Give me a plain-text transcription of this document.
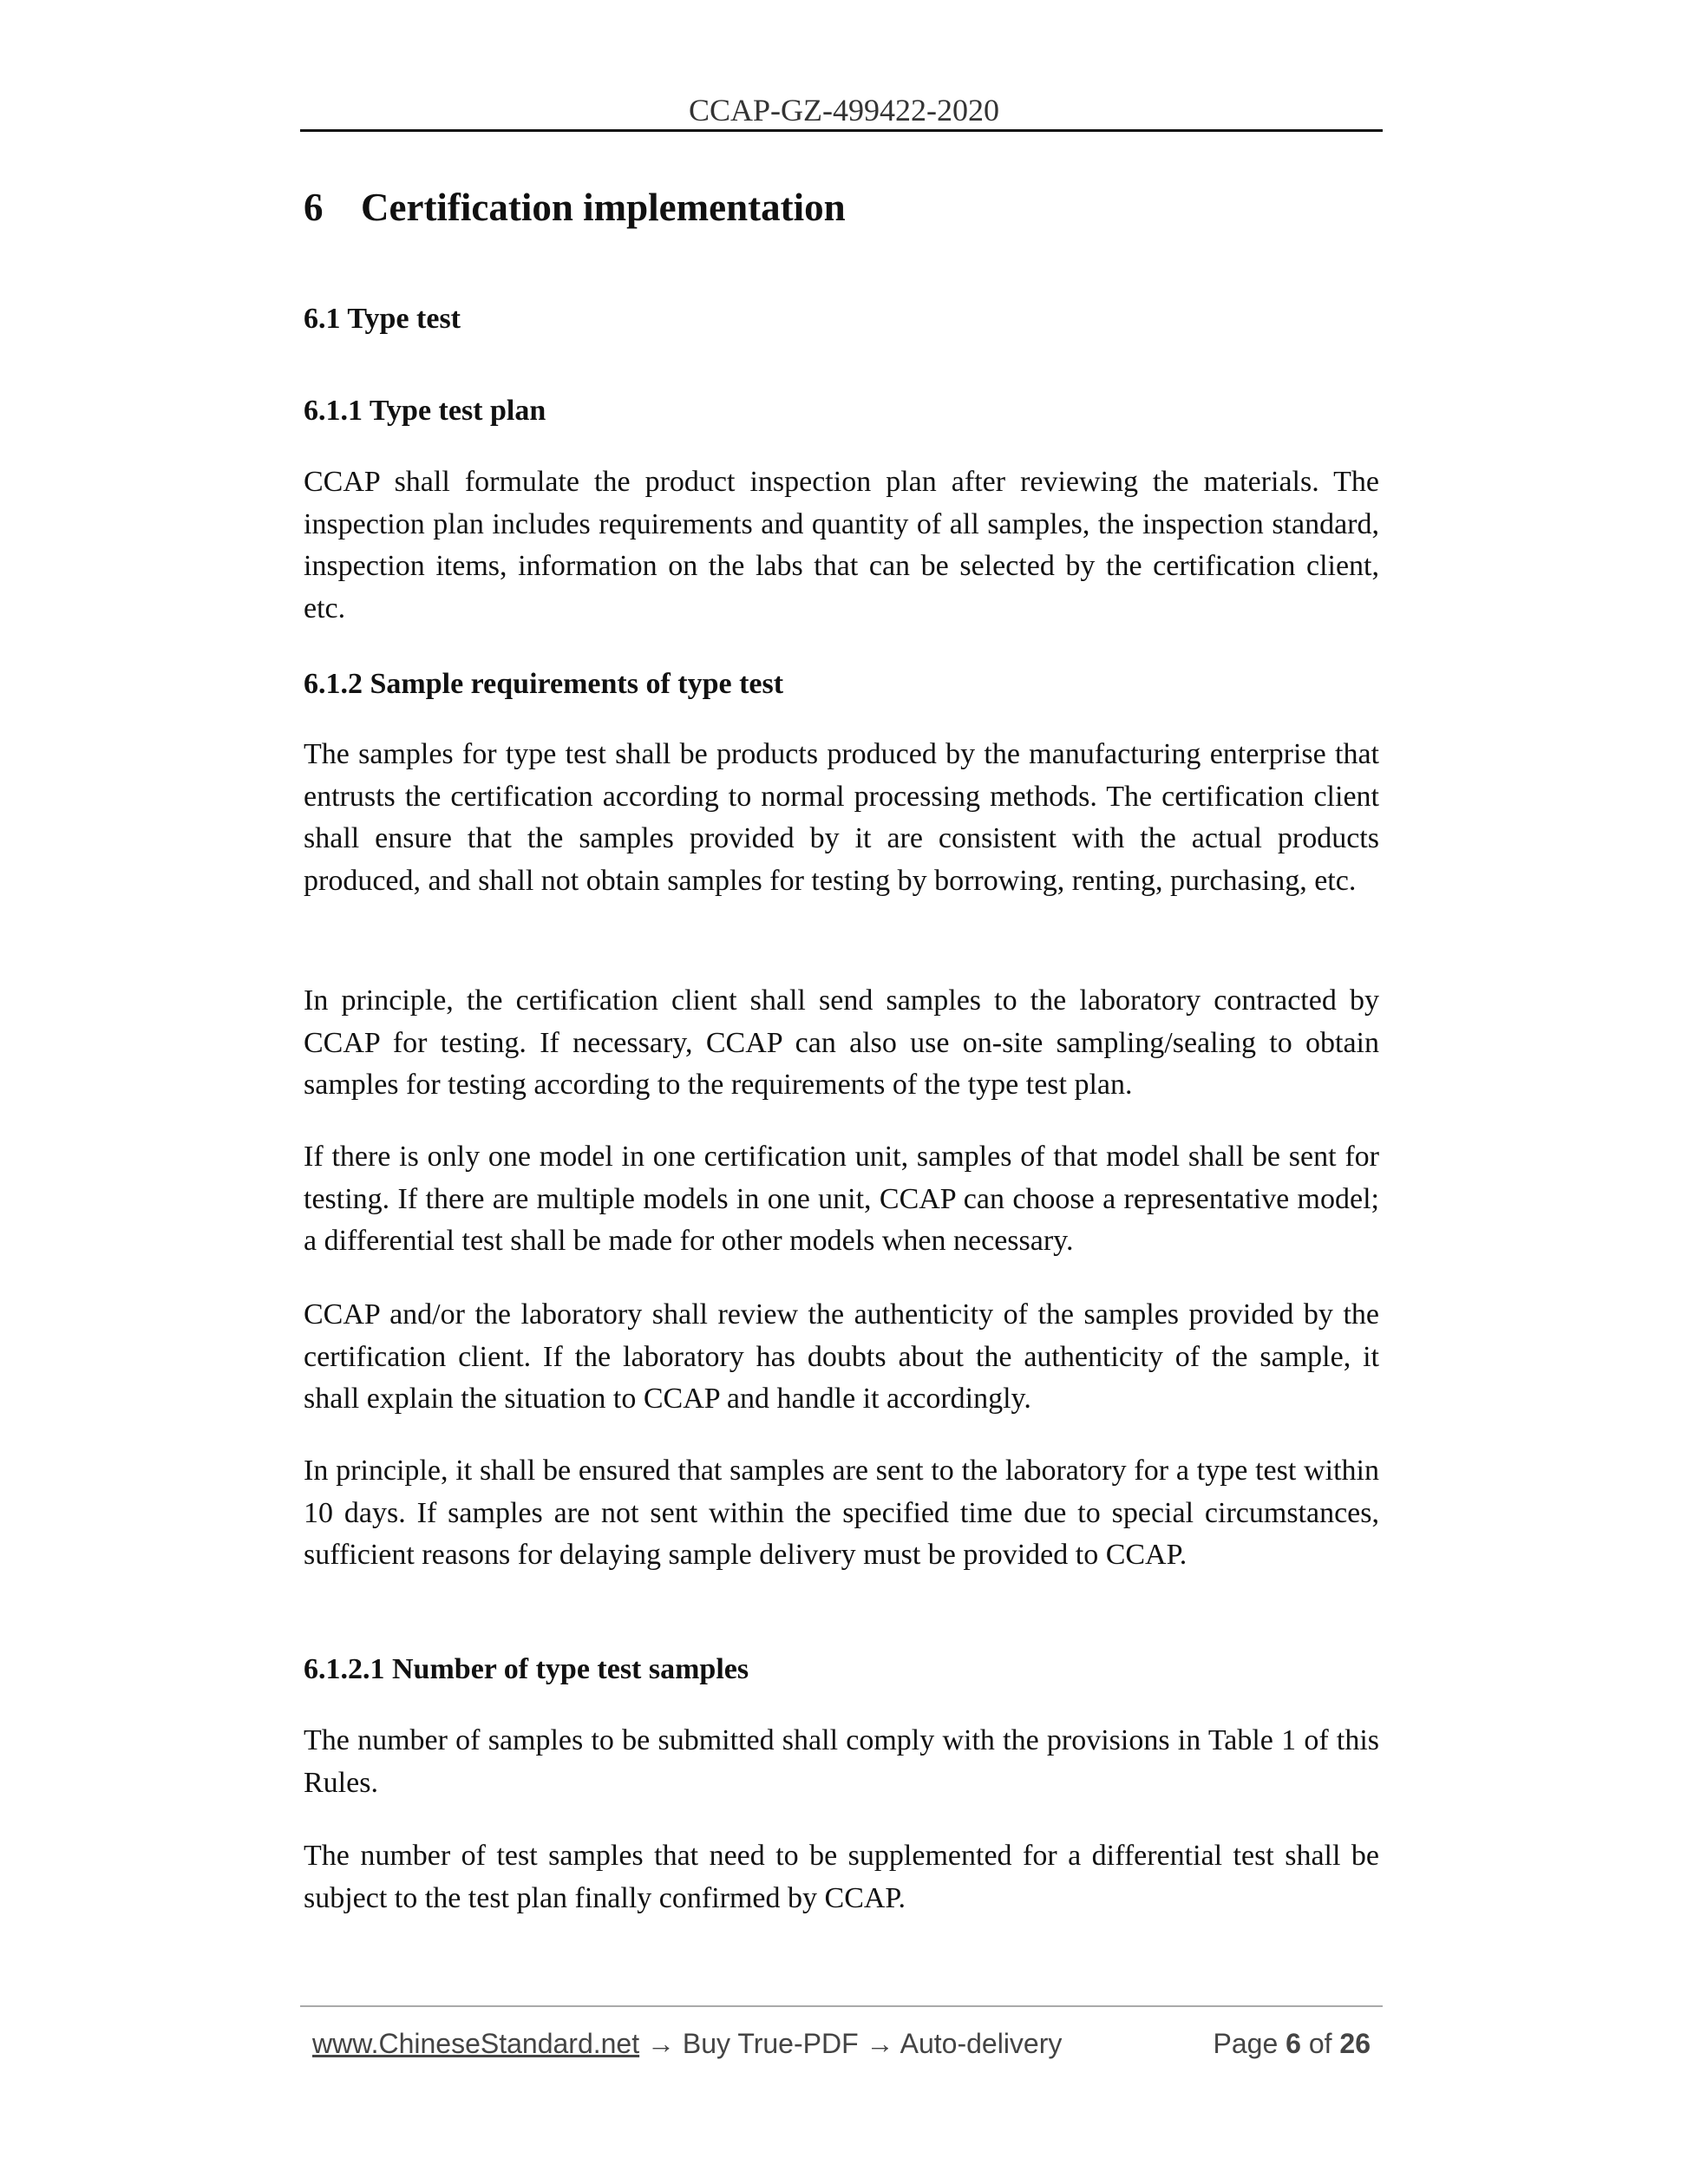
CCAP-GZ-499422-2020
6 Certification implementation
6.1 Type test
6.1.1 Type test plan

CCAP shall formulate the product inspection plan after reviewing the materials. The inspection plan includes requirements and quantity of all samples, the inspection standard, inspection items, information on the labs that can be selected by the certification client, etc.

6.1.2 Sample requirements of type test

The samples for type test shall be products produced by the manufacturing enterprise that entrusts the certification according to normal processing methods. The certification client shall ensure that the samples provided by it are consistent with the actual products produced, and shall not obtain samples for testing by borrowing, renting, purchasing, etc.

In principle, the certification client shall send samples to the laboratory contracted by CCAP for testing. If necessary, CCAP can also use on-site sampling/sealing to obtain samples for testing according to the requirements of the type test plan.

If there is only one model in one certification unit, samples of that model shall be sent for testing. If there are multiple models in one unit, CCAP can choose a representative model; a differential test shall be made for other models when necessary.

CCAP and/or the laboratory shall review the authenticity of the samples provided by the certification client. If the laboratory has doubts about the authenticity of the sample, it shall explain the situation to CCAP and handle it accordingly.

In principle, it shall be ensured that samples are sent to the laboratory for a type test within 10 days. If samples are not sent within the specified time due to special circumstances, sufficient reasons for delaying sample delivery must be provided to CCAP.

6.1.2.1 Number of type test samples

The number of samples to be submitted shall comply with the provisions in Table 1 of this Rules.

The number of test samples that need to be supplemented for a differential test shall be subject to the test plan finally confirmed by CCAP.

www.ChineseStandard.net → Buy True-PDF → Auto-delivery	Page 6 of 26
